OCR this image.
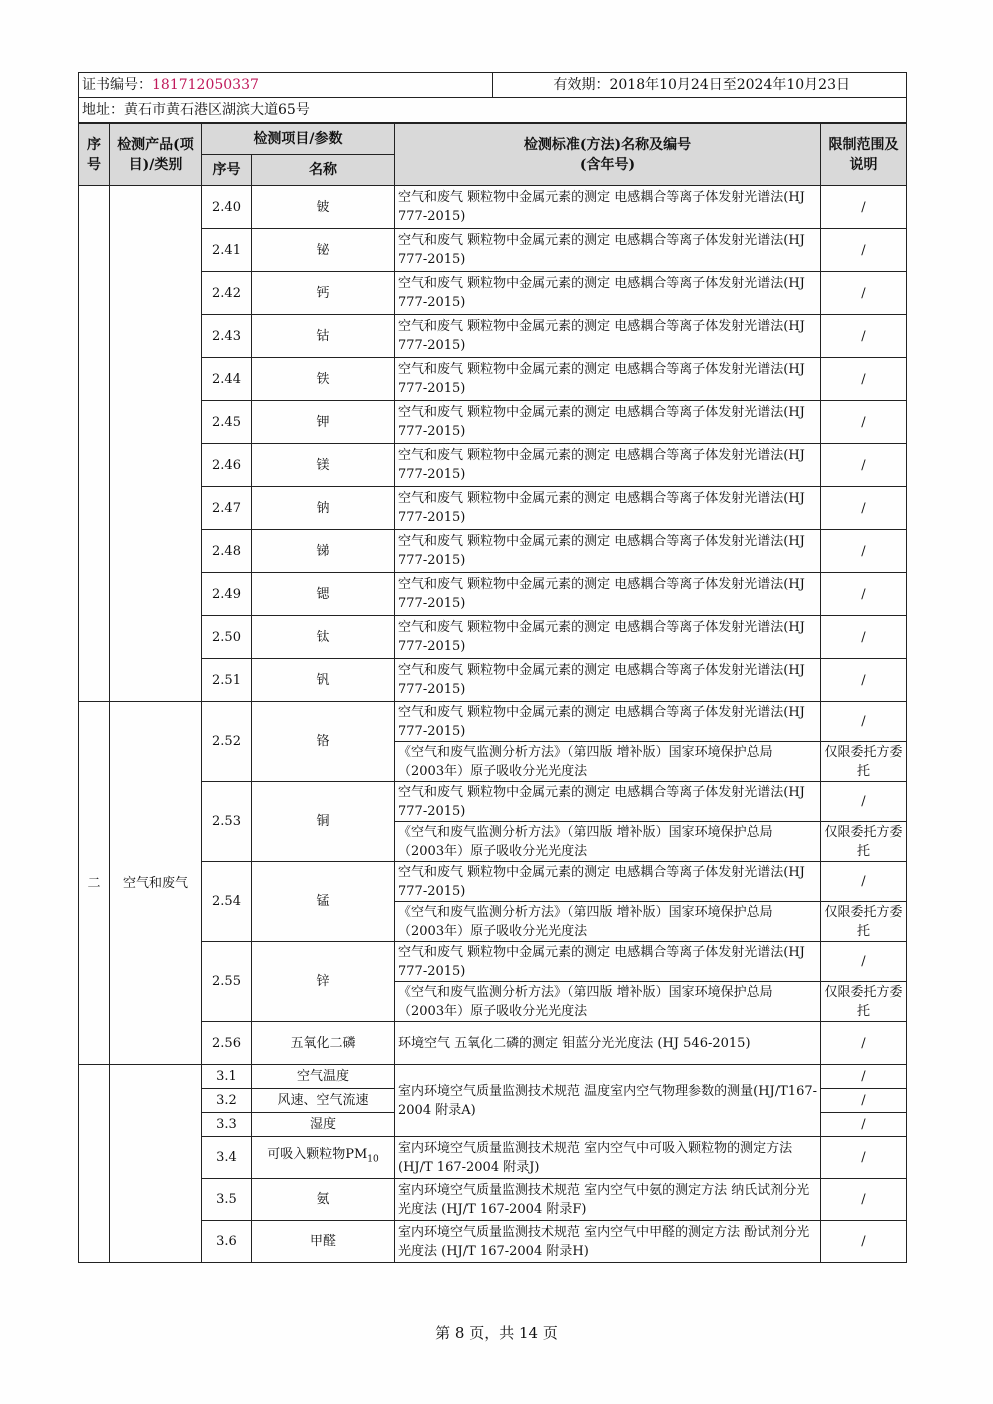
证书编号：181712050337	有效期：2018年10月24日至2024年10月23日
地址：黄石市黄石港区湖滨大道65号
序号	检测产品(项目)/类别	检测项目/参数		检测标准(方法)名称及编号(含年号)	限制范围及说明
		序号	名称		
		2.40	铍	空气和废气 颗粒物中金属元素的测定 电感耦合等离子体发射光谱法(HJ 777-2015)	/
		2.41	铋	空气和废气 颗粒物中金属元素的测定 电感耦合等离子体发射光谱法(HJ 777-2015)	/
		2.42	钙	空气和废气 颗粒物中金属元素的测定 电感耦合等离子体发射光谱法(HJ 777-2015)	/
		2.43	钴	空气和废气 颗粒物中金属元素的测定 电感耦合等离子体发射光谱法(HJ 777-2015)	/
		2.44	铁	空气和废气 颗粒物中金属元素的测定 电感耦合等离子体发射光谱法(HJ 777-2015)	/
		2.45	钾	空气和废气 颗粒物中金属元素的测定 电感耦合等离子体发射光谱法(HJ 777-2015)	/
		2.46	镁	空气和废气 颗粒物中金属元素的测定 电感耦合等离子体发射光谱法(HJ 777-2015)	/
		2.47	钠	空气和废气 颗粒物中金属元素的测定 电感耦合等离子体发射光谱法(HJ 777-2015)	/
		2.48	锑	空气和废气 颗粒物中金属元素的测定 电感耦合等离子体发射光谱法(HJ 777-2015)	/
		2.49	锶	空气和废气 颗粒物中金属元素的测定 电感耦合等离子体发射光谱法(HJ 777-2015)	/
		2.50	钛	空气和废气 颗粒物中金属元素的测定 电感耦合等离子体发射光谱法(HJ 777-2015)	/
		2.51	钒	空气和废气 颗粒物中金属元素的测定 电感耦合等离子体发射光谱法(HJ 777-2015)	/
二	空气和废气	2.52	铬	空气和废气 颗粒物中金属元素的测定 电感耦合等离子体发射光谱法(HJ 777-2015)	/
				《空气和废气监测分析方法》（第四版 增补版）国家环境保护总局 （2003年）原子吸收分光光度法	仅限委托方委托
		2.53	铜	空气和废气 颗粒物中金属元素的测定 电感耦合等离子体发射光谱法(HJ 777-2015)	/
				《空气和废气监测分析方法》（第四版 增补版）国家环境保护总局 （2003年）原子吸收分光光度法	仅限委托方委托
		2.54	锰	空气和废气 颗粒物中金属元素的测定 电感耦合等离子体发射光谱法(HJ 777-2015)	/
				《空气和废气监测分析方法》（第四版 增补版）国家环境保护总局 （2003年）原子吸收分光光度法	仅限委托方委托
		2.55	锌	空气和废气 颗粒物中金属元素的测定 电感耦合等离子体发射光谱法(HJ 777-2015)	/
				《空气和废气监测分析方法》（第四版 增补版）国家环境保护总局 （2003年）原子吸收分光光度法	仅限委托方委托
		2.56	五氧化二磷	环境空气 五氧化二磷的测定 钼蓝分光光度法 (HJ 546-2015)	/
		3.1	空气温度	室内环境空气质量监测技术规范 温度室内空气物理参数的测量(HJ/T167-2004 附录A)	/
		3.2	风速、空气流速		/
		3.3	湿度		/
		3.4	可吸入颗粒物$PM_{10}$	室内环境空气质量监测技术规范 室内空气中可吸入颗粒物的测定方法 (HJ/T 167-2004 附录J)	/
		3.5	氨	室内环境空气质量监测技术规范 室内空气中氨的测定方法 纳氏试剂分光光度法 (HJ/T 167-2004 附录F)	/
		3.6	甲醛	室内环境空气质量监测技术规范 室内空气中甲醛的测定方法 酚试剂分光光度法 (HJ/T 167-2004 附录H)	/
第 8 页，共 14 页
